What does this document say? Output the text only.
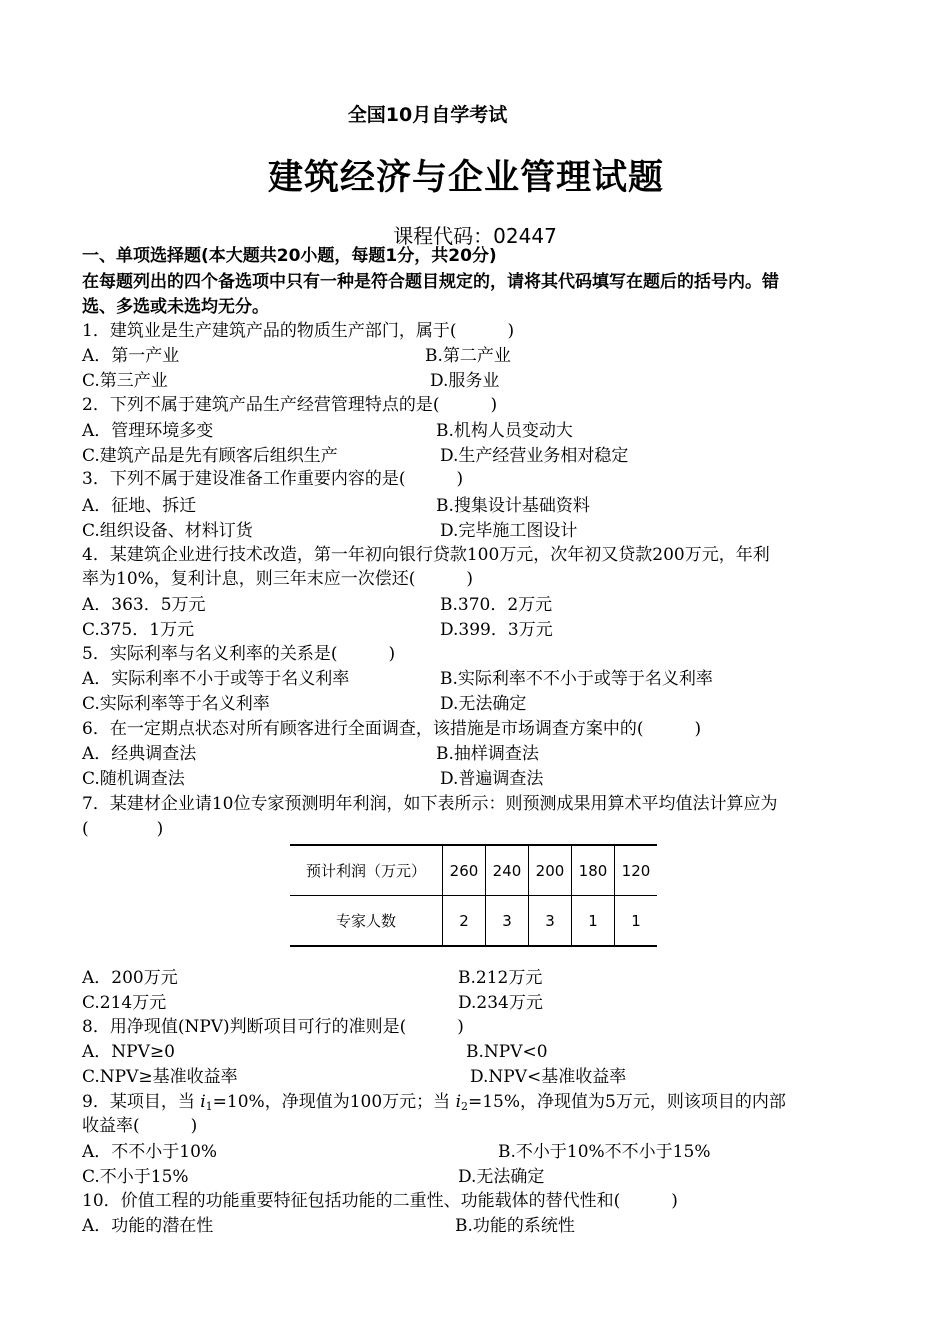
全国10月自学考试
建筑经济与企业管理试题
课程代码：02447
一、单项选择题(本大题共20小题，每题1分，共20分)
在每题列出的四个备选项中只有一种是符合题目规定的，请将其代码填写在题后的括号内。错
选、多选或未选均无分。
1．建筑业是生产建筑产品的物质生产部门，属于(　　　)
A．第一产业	B.第二产业
C.第三产业	D.服务业
2．下列不属于建筑产品生产经营管理特点的是(　　　)
A．管理环境多变	B.机构人员变动大
C.建筑产品是先有顾客后组织生产	D.生产经营业务相对稳定
3．下列不属于建设准备工作重要内容的是(　　　)
A．征地、拆迁	B.搜集设计基础资料
C.组织设备、材料订货	D.完毕施工图设计
4．某建筑企业进行技术改造，第一年初向银行贷款100万元，次年初又贷款200万元，年利
率为10%，复利计息，则三年末应一次偿还(　　　)
A．363．5万元	B.370．2万元
C.375．1万元	D.399．3万元
5．实际利率与名义利率的关系是(　　　)
A．实际利率不小于或等于名义利率	B.实际利率不不小于或等于名义利率
C.实际利率等于名义利率	D.无法确定
6．在一定期点状态对所有顾客进行全面调查，该措施是市场调查方案中的(　　　)
A．经典调查法	B.抽样调查法
C.随机调查法	D.普遍调查法
7．某建材企业请10位专家预测明年利润，如下表所示：则预测成果用算术平均值法计算应为
(　　　　)
预计利润（万元）	260	240	200	180	120
专家人数	2	3	3	1	1
A．200万元	B.212万元
C.214万元	D.234万元
8．用净现值(NPV)判断项目可行的准则是(　　　)
A．NPV≥0	B.NPV<0
C.NPV≥基准收益率	D.NPV<基准收益率
9．某项目，当 $i_1=10\%$，净现值为100万元；当 $i_2=15\%$，净现值为5万元，则该项目的内部
收益率(　　　)
A．不不小于10%	B.不小于10%不不小于15%
C.不小于15%	D.无法确定
10．价值工程的功能重要特征包括功能的二重性、功能载体的替代性和(　　　)
A．功能的潜在性	B.功能的系统性
